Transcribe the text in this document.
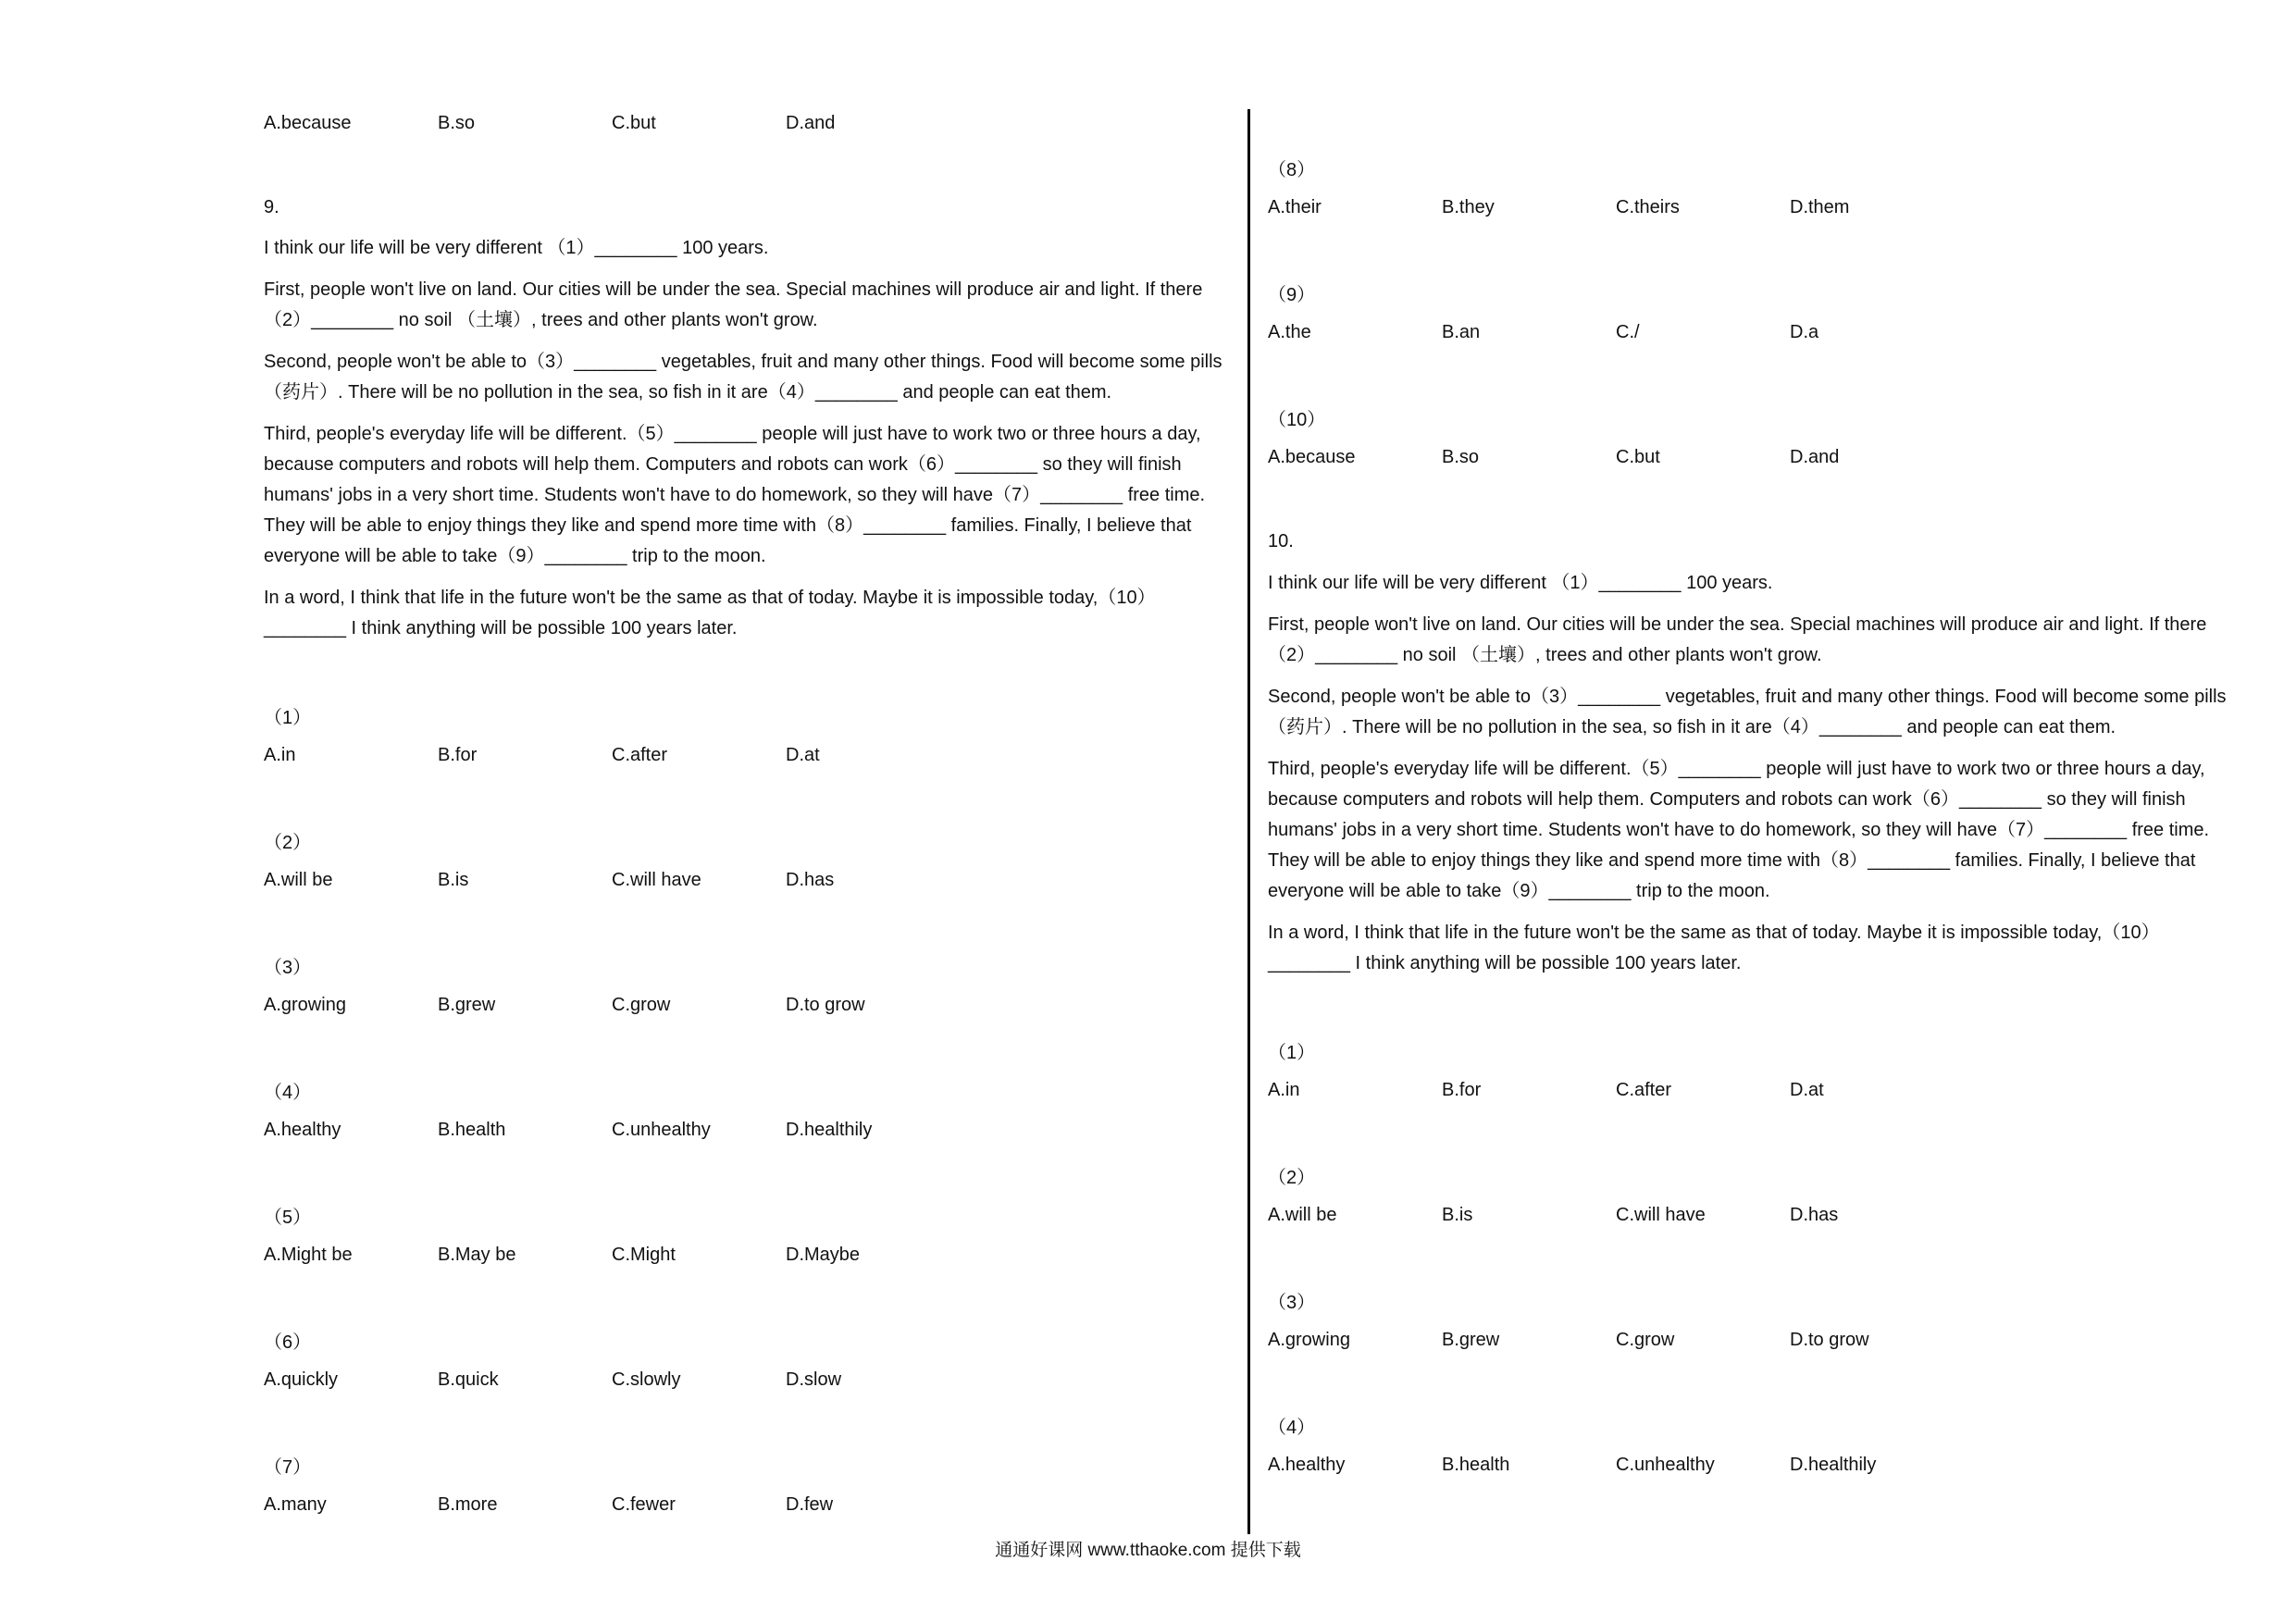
A.because	B.so	C.but	D.and
9.

I think our life will be very different （1）________ 100 years.

First, people won't live on land. Our cities will be under the sea. Special machines will produce air and light. If there （2）________ no soil （土壤）, trees and other plants won't grow.

Second, people won't be able to（3）________ vegetables, fruit and many other things. Food will become some pills （药片）. There will be no pollution in the sea, so fish in it are（4）________ and people can eat them.

Third, people's everyday life will be different.（5）________ people will just have to work two or three hours a day, because computers and robots will help them. Computers and robots can work（6）________ so they will finish humans' jobs in a very short time. Students won't have to do homework, so they will have（7）________ free time. They will be able to enjoy things they like and spend more time with（8）________ families. Finally, I believe that everyone will be able to take（9）________ trip to the moon.

In a word, I think that life in the future won't be the same as that of today. Maybe it is impossible today,（10）________ I think anything will be possible 100 years later.

（1）
A.in	B.for	C.after	D.at
（2）
A.will be	B.is	C.will have	D.has
（3）
A.growing	B.grew	C.grow	D.to grow
（4）
A.healthy	B.health	C.unhealthy	D.healthily
（5）
A.Might be	B.May be	C.Might	D.Maybe
（6）
A.quickly	B.quick	C.slowly	D.slow
（7）
A.many	B.more	C.fewer	D.few
（8）
A.their	B.they	C.theirs	D.them
（9）
A.the	B.an	C./	D.a
（10）
A.because	B.so	C.but	D.and
10.

I think our life will be very different （1）________ 100 years.

First, people won't live on land. Our cities will be under the sea. Special machines will produce air and light. If there （2）________ no soil （土壤）, trees and other plants won't grow.

Second, people won't be able to（3）________ vegetables, fruit and many other things. Food will become some pills （药片）. There will be no pollution in the sea, so fish in it are（4）________ and people can eat them.

Third, people's everyday life will be different.（5）________ people will just have to work two or three hours a day, because computers and robots will help them. Computers and robots can work（6）________ so they will finish humans' jobs in a very short time. Students won't have to do homework, so they will have（7）________ free time. They will be able to enjoy things they like and spend more time with（8）________ families. Finally, I believe that everyone will be able to take（9）________ trip to the moon.

In a word, I think that life in the future won't be the same as that of today. Maybe it is impossible today,（10）________ I think anything will be possible 100 years later.

（1）
A.in	B.for	C.after	D.at
（2）
A.will be	B.is	C.will have	D.has
（3）
A.growing	B.grew	C.grow	D.to grow
（4）
A.healthy	B.health	C.unhealthy	D.healthily
通通好课网 www.tthaoke.com 提供下载
